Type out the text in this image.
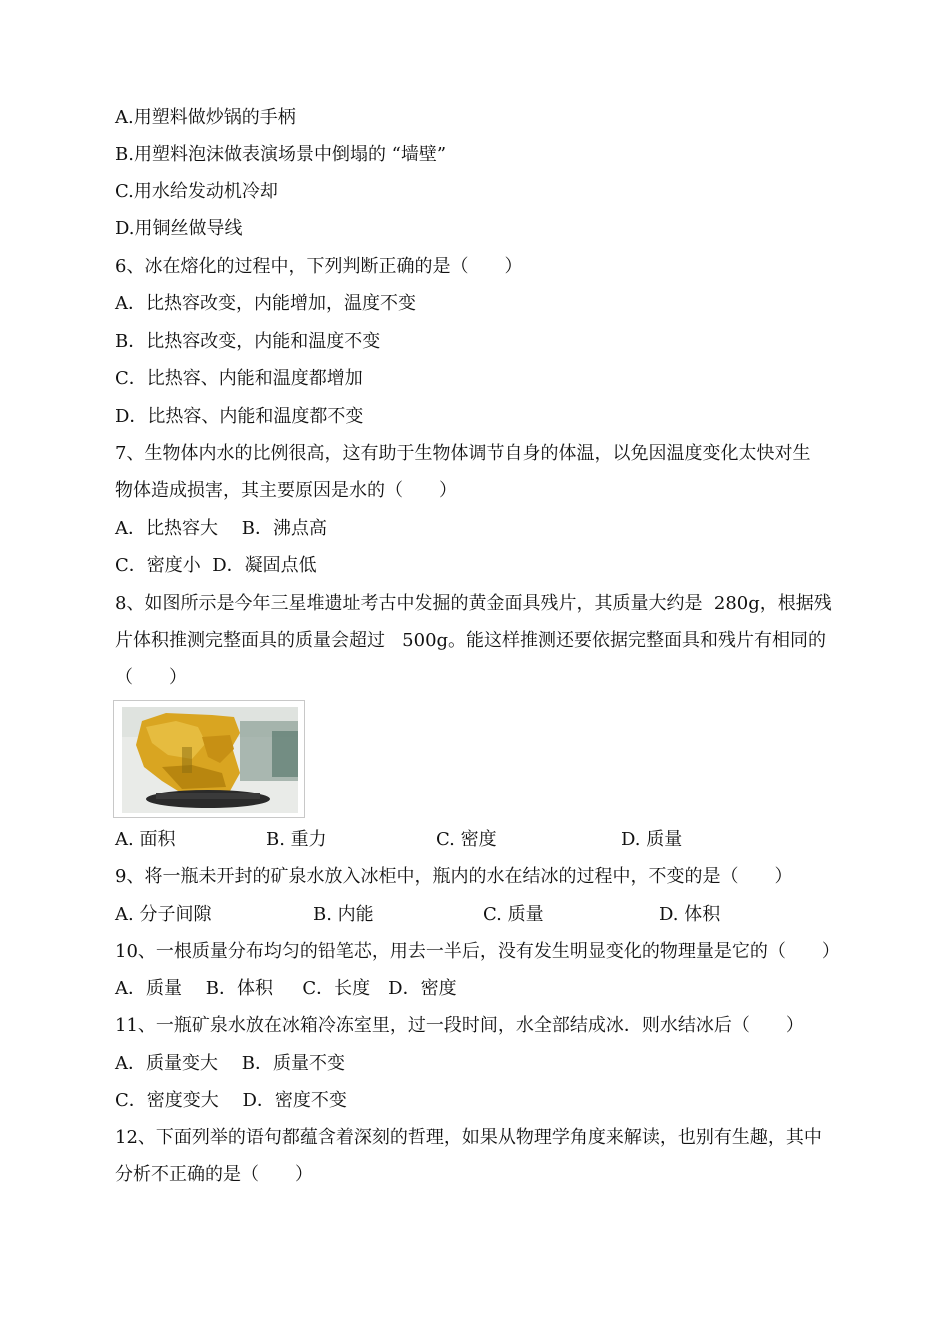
A.用塑料做炒锅的手柄
B.用塑料泡沫做表演场景中倒塌的 “墙壁”
C.用水给发动机冷却
D.用铜丝做导线
6、冰在熔化的过程中，下列判断正确的是（　　）
A．比热容改变，内能增加，温度不变
B．比热容改变，内能和温度不变
C．比热容、内能和温度都增加
D．比热容、内能和温度都不变
7、生物体内水的比例很高，这有助于生物体调节自身的体温，以免因温度变化太快对生
物体造成损害，其主要原因是水的（　　）
A．比热容大　 B．沸点高
C．密度小  D．凝固点低
8、如图所示是今年三星堆遗址考古中发掘的黄金面具残片，其质量大约是  280g，根据残
片体积推测完整面具的质量会超过   500g。能这样推测还要依据完整面具和残片有相同的
（　　）
A. 面积	B. 重力	C. 密度	D. 质量
9、将一瓶未开封的矿泉水放入冰柜中，瓶内的水在结冰的过程中，不变的是（　　）
A. 分子间隙	B. 内能	C. 质量	D. 体积
10、一根质量分布均匀的铅笔芯，用去一半后，没有发生明显变化的物理量是它的（　　）
A．质量　 B．体积　  C．长度　D．密度
11、一瓶矿泉水放在冰箱冷冻室里，过一段时间，水全部结成冰．则水结冰后（　　）
A．质量变大　 B．质量不变
C．密度变大　 D．密度不变
12、下面列举的语句都蕴含着深刻的哲理，如果从物理学角度来解读，也别有生趣，其中
分析不正确的是（　　）
